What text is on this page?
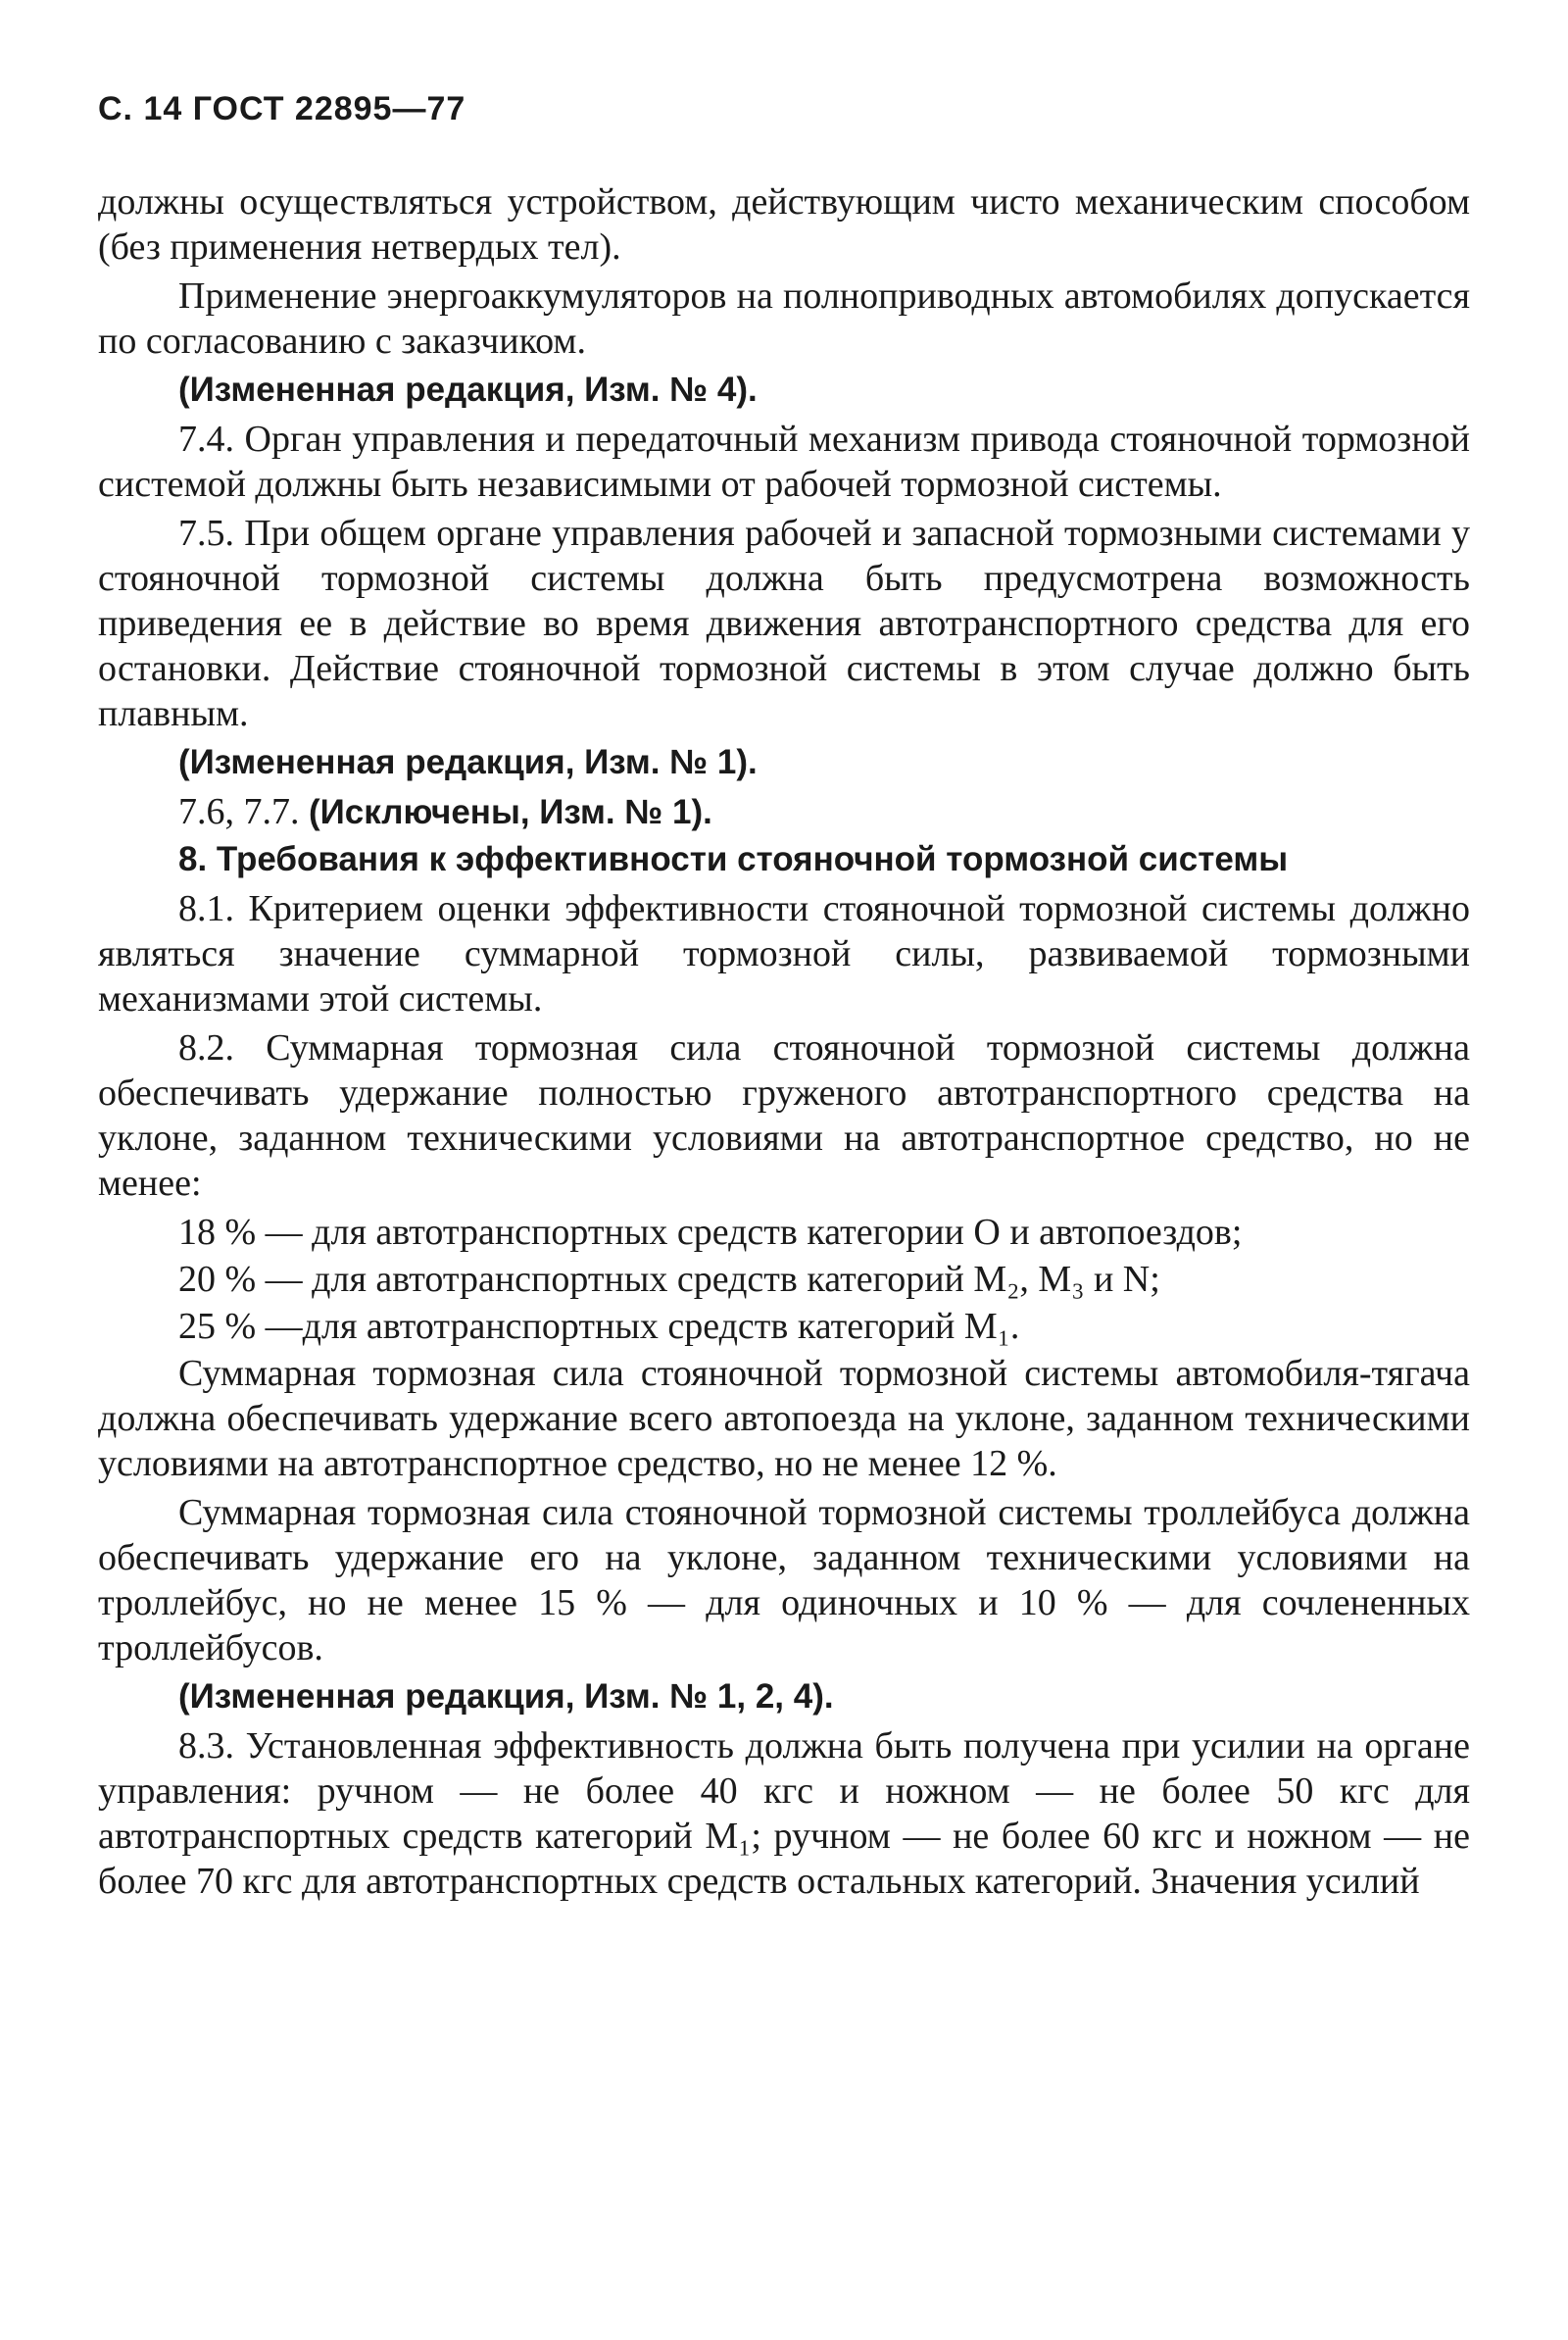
С. 14 ГОСТ 22895—77

должны осуществляться устройством, действующим чисто механическим способом (без применения нетвердых тел).

Применение энергоаккумуляторов на полноприводных автомобилях допускается по согласованию с заказчиком.

(Измененная редакция, Изм. № 4).

7.4. Орган управления и передаточный механизм привода стояночной тормозной системой должны быть независимыми от рабочей тормозной системы.

7.5. При общем органе управления рабочей и запасной тормозными системами у стояночной тормозной системы должна быть предусмотрена возможность приведения ее в действие во время движения автотранспортного средства для его остановки. Действие стояночной тормозной системы в этом случае должно быть плавным.

(Измененная редакция, Изм. № 1).

7.6, 7.7. (Исключены, Изм. № 1).

8. Требования к эффективности стояночной тормозной системы

8.1. Критерием оценки эффективности стояночной тормозной системы должно являться значение суммарной тормозной силы, развиваемой тормозными механизмами этой системы.

8.2. Суммарная тормозная сила стояночной тормозной системы должна обеспечивать удержание полностью груженого автотранспортного средства на уклоне, заданном техническими условиями на автотранспортное средство, но не менее:

18 % — для автотранспортных средств категории О и автопоездов;

20 % — для автотранспортных средств категорий M₂, M₃ и N;

25 % —для автотранспортных средств категорий M₁.

Суммарная тормозная сила стояночной тормозной системы автомобиля-тягача должна обеспечивать удержание всего автопоезда на уклоне, заданном техническими условиями на автотранспортное средство, но не менее 12 %.

Суммарная тормозная сила стояночной тормозной системы троллейбуса должна обеспечивать удержание его на уклоне, заданном техническими условиями на троллейбус, но не менее 15 % — для одиночных и 10 % — для сочлененных троллейбусов.

(Измененная редакция, Изм. № 1, 2, 4).

8.3. Установленная эффективность должна быть получена при усилии на органе управления: ручном — не более 40 кгс и ножном — не более 50 кгс для автотранспортных средств категорий M₁; ручном — не более 60 кгс и ножном — не более 70 кгс для автотранспортных средств остальных категорий. Значения усилий
